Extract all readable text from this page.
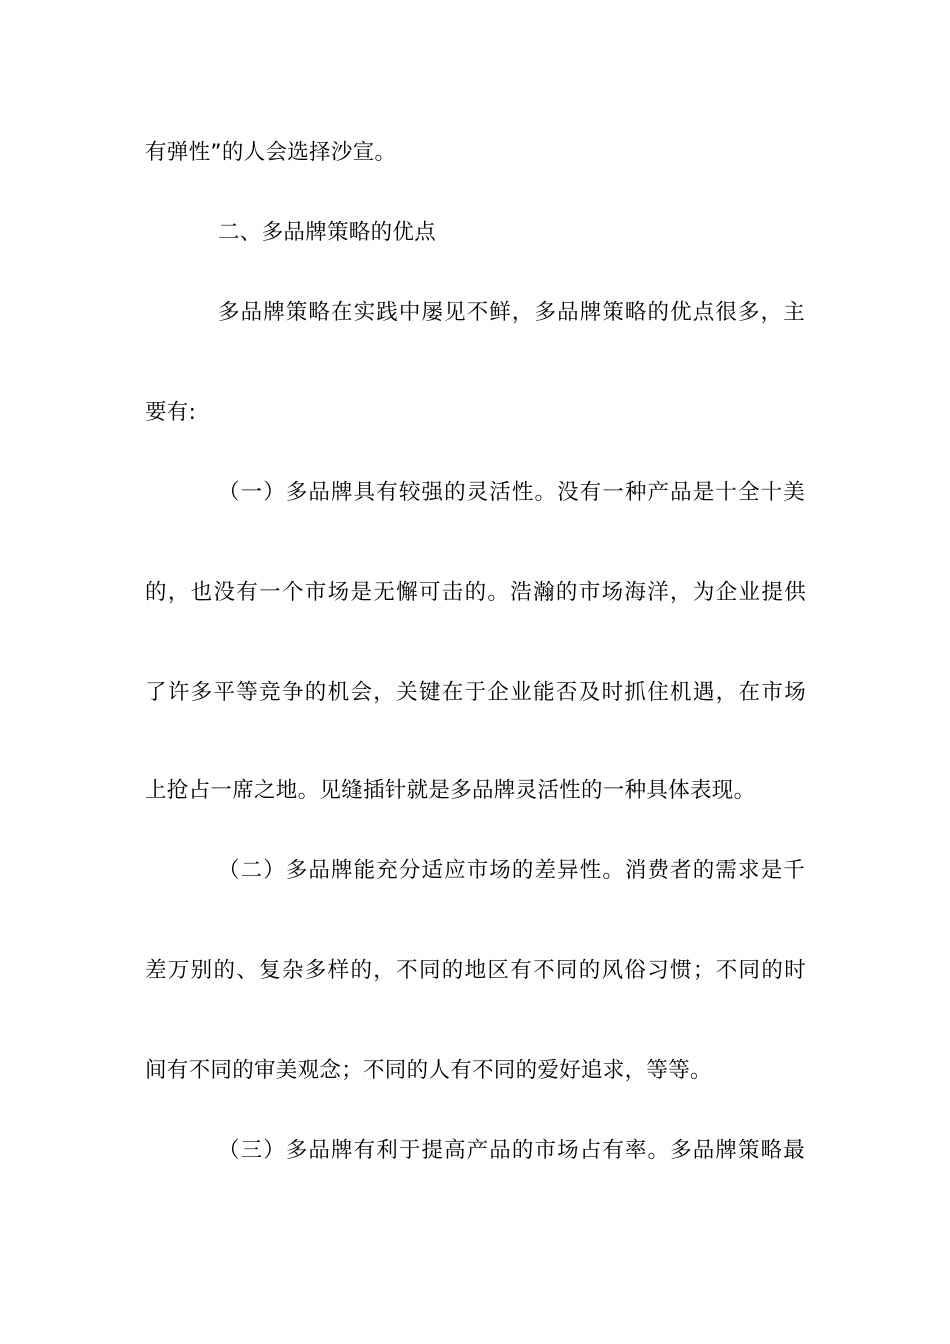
有弹性”的人会选择沙宣。
二、多品牌策略的优点
多品牌策略在实践中屡见不鲜，多品牌策略的优点很多，主
要有:
（一）多品牌具有较强的灵活性。没有一种产品是十全十美
的，也没有一个市场是无懈可击的。浩瀚的市场海洋，为企业提供
了许多平等竞争的机会，关键在于企业能否及时抓住机遇，在市场
上抢占一席之地。见缝插针就是多品牌灵活性的一种具体表现。
（二）多品牌能充分适应市场的差异性。消费者的需求是千
差万别的、复杂多样的，不同的地区有不同的风俗习惯；不同的时
间有不同的审美观念；不同的人有不同的爱好追求，等等。
（三）多品牌有利于提高产品的市场占有率。多品牌策略最
